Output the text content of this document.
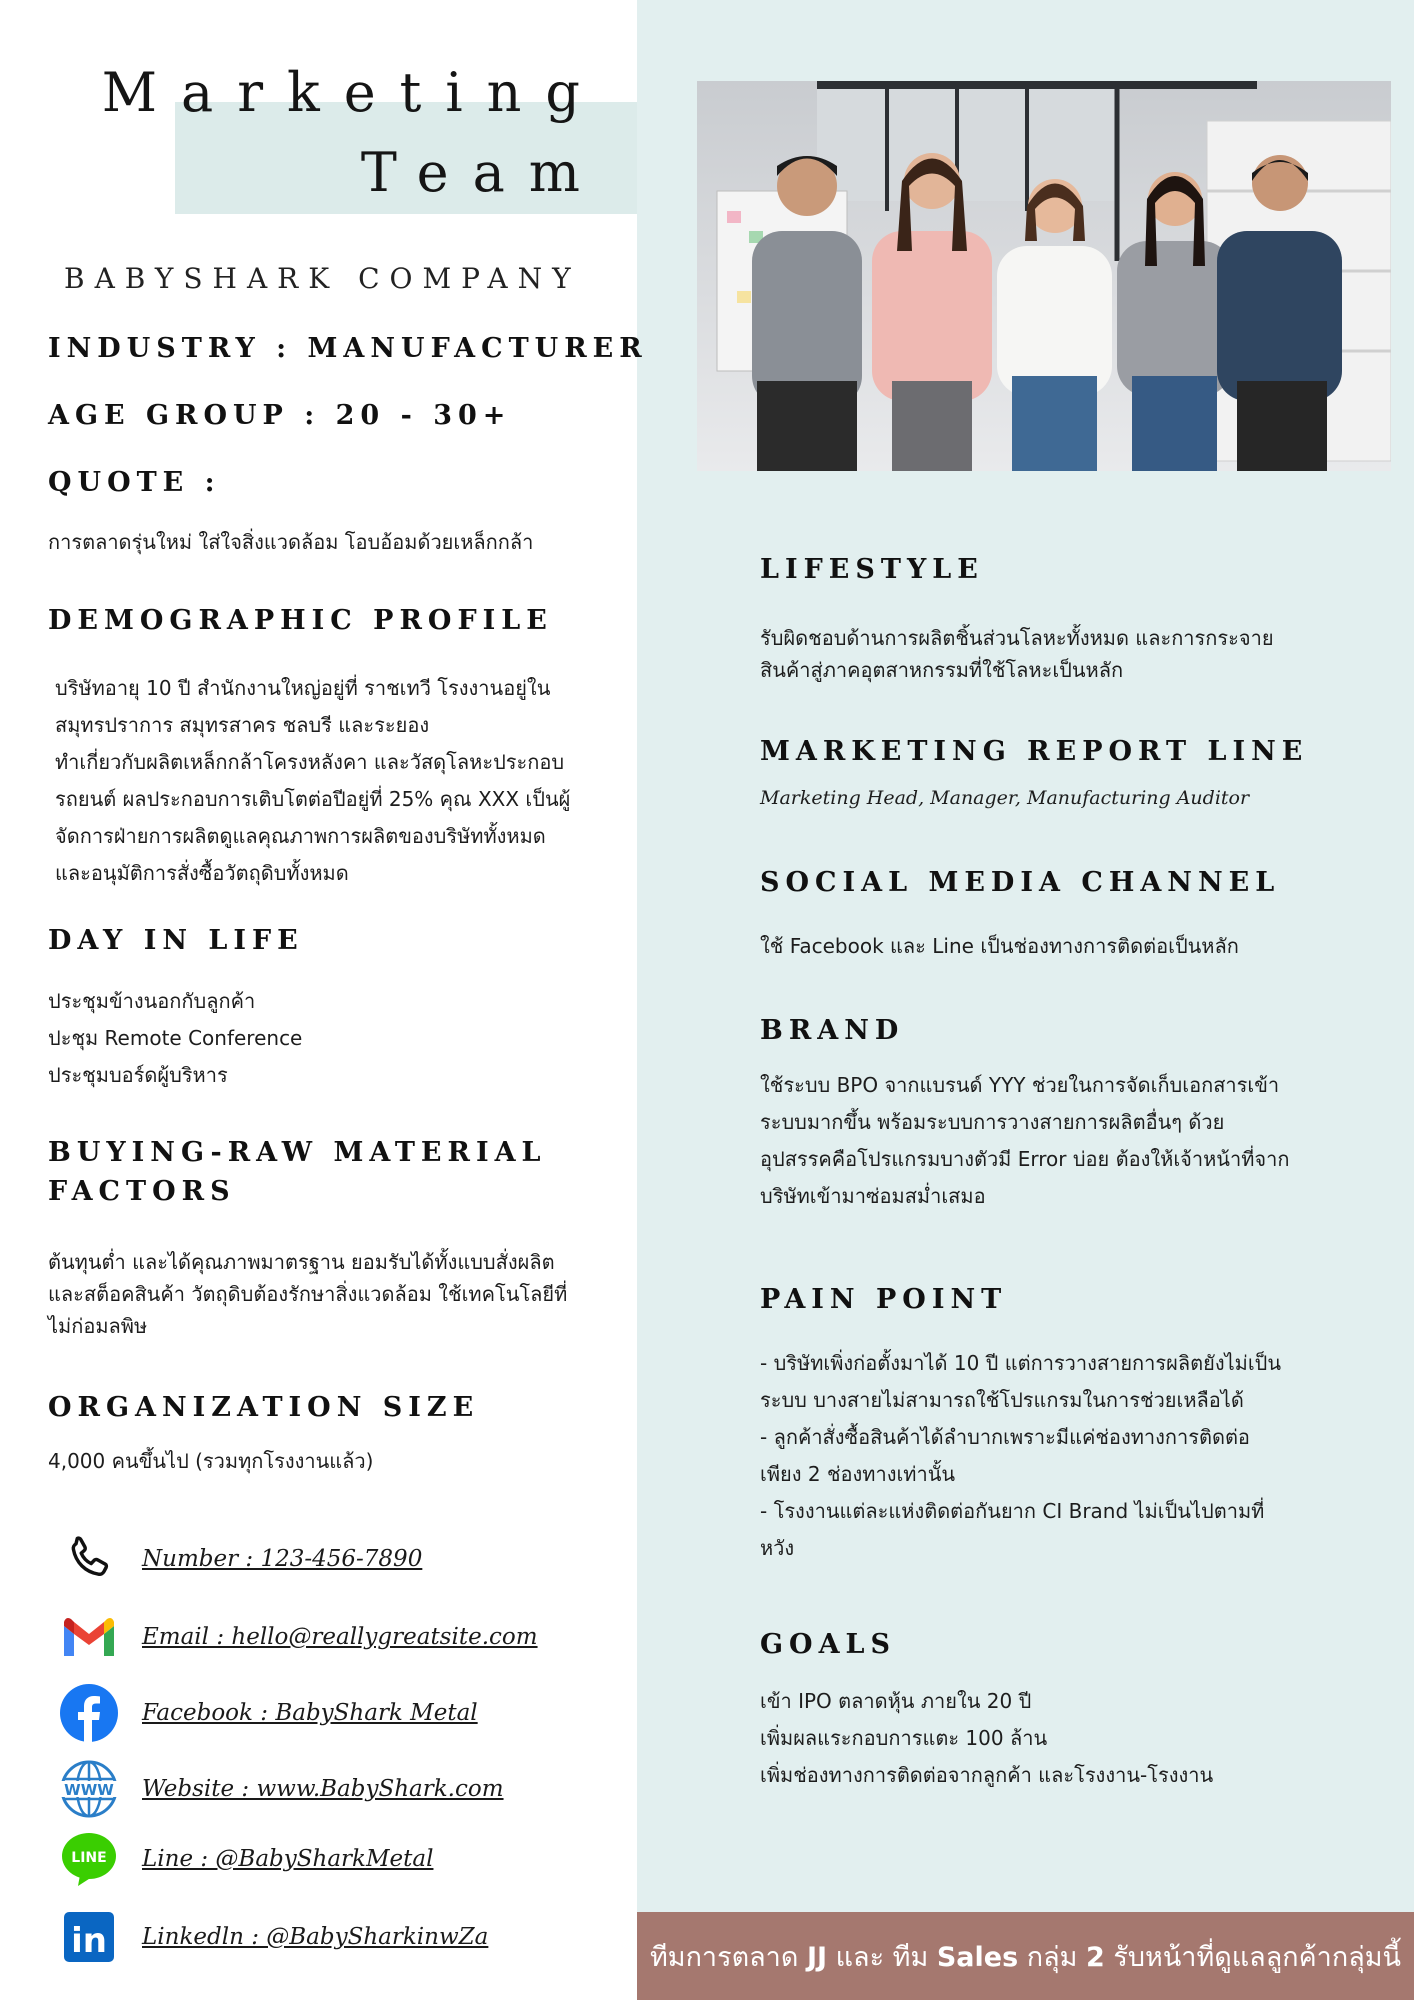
Marketing
Team
BABYSHARK COMPANY
INDUSTRY : MANUFACTURER
AGE GROUP : 20 - 30+
QUOTE :

การตลาดรุ่นใหม่ ใส่ใจสิ่งแวดล้อม โอบอ้อมด้วยเหล็กกล้า

DEMOGRAPHIC PROFILE

บริษัทอายุ 10 ปี สำนักงานใหญ่อยู่ที่ ราชเทวี โรงงานอยู่ใน

สมุทรปราการ สมุทรสาคร ชลบรี และระยอง

ทำเกี่ยวกับผลิตเหล็กกล้าโครงหลังคา และวัสดุโลหะประกอบ

รถยนต์ ผลประกอบการเติบโตต่อปีอยู่ที่ 25% คุณ XXX เป็นผู้

จัดการฝ่ายการผลิตดูแลคุณภาพการผลิตของบริษัททั้งหมด

และอนุมัติการสั่งซื้อวัตถุดิบทั้งหมด

DAY IN LIFE

ประชุมข้างนอกกับลูกค้า

ปะชุม Remote Conference

ประชุมบอร์ดผู้บริหาร

BUYING-RAW MATERIAL
FACTORS

ต้นทุนต่ำ และได้คุณภาพมาตรฐาน ยอมรับได้ทั้งแบบสั่งผลิต

และสต็อคสินค้า วัตถุดิบต้องรักษาสิ่งแวดล้อม ใช้เทคโนโลยีที่

ไม่ก่อมลพิษ

ORGANIZATION SIZE

4,000 คนขึ้นไป (รวมทุกโรงงานแล้ว)

Number : 123-456-7890
Email : hello@reallygreatsite.com
Facebook : BabyShark Metal
WWW Website : www.BabyShark.com
LINE Line : @BabySharkMetal
in Linkedln : @BabySharkinwZa
LIFESTYLE

รับผิดชอบด้านการผลิตชิ้นส่วนโลหะทั้งหมด และการกระจาย

สินค้าสู่ภาคอุตสาหกรรมที่ใช้โลหะเป็นหลัก

MARKETING REPORT LINE

Marketing Head, Manager, Manufacturing Auditor

SOCIAL MEDIA CHANNEL

ใช้ Facebook และ Line เป็นช่องทางการติดต่อเป็นหลัก

BRAND

ใช้ระบบ BPO จากแบรนด์ YYY ช่วยในการจัดเก็บเอกสารเข้า

ระบบมากขึ้น พร้อมระบบการวางสายการผลิตอื่นๆ ด้วย

อุปสรรคคือโปรแกรมบางตัวมี Error บ่อย ต้องให้เจ้าหน้าที่จาก

บริษัทเข้ามาซ่อมสม่ำเสมอ

PAIN POINT

- บริษัทเพิ่งก่อตั้งมาได้ 10 ปี แต่การวางสายการผลิตยังไม่เป็น

ระบบ บางสายไม่สามารถใช้โปรแกรมในการช่วยเหลือได้

- ลูกค้าสั่งซื้อสินค้าได้ลำบากเพราะมีแค่ช่องทางการติดต่อ

เพียง 2 ช่องทางเท่านั้น

- โรงงานแต่ละแห่งติดต่อกันยาก CI Brand ไม่เป็นไปตามที่

หวัง

GOALS

เข้า IPO ตลาดหุ้น ภายใน 20 ปี

เพิ่มผลแระกอบการแตะ 100 ล้าน

เพิ่มช่องทางการติดต่อจากลูกค้า และโรงงาน-โรงงาน

ทีมการตลาด JJ และ ทีม Sales กลุ่ม 2 รับหน้าที่ดูแลลูกค้ากลุ่มนี้
